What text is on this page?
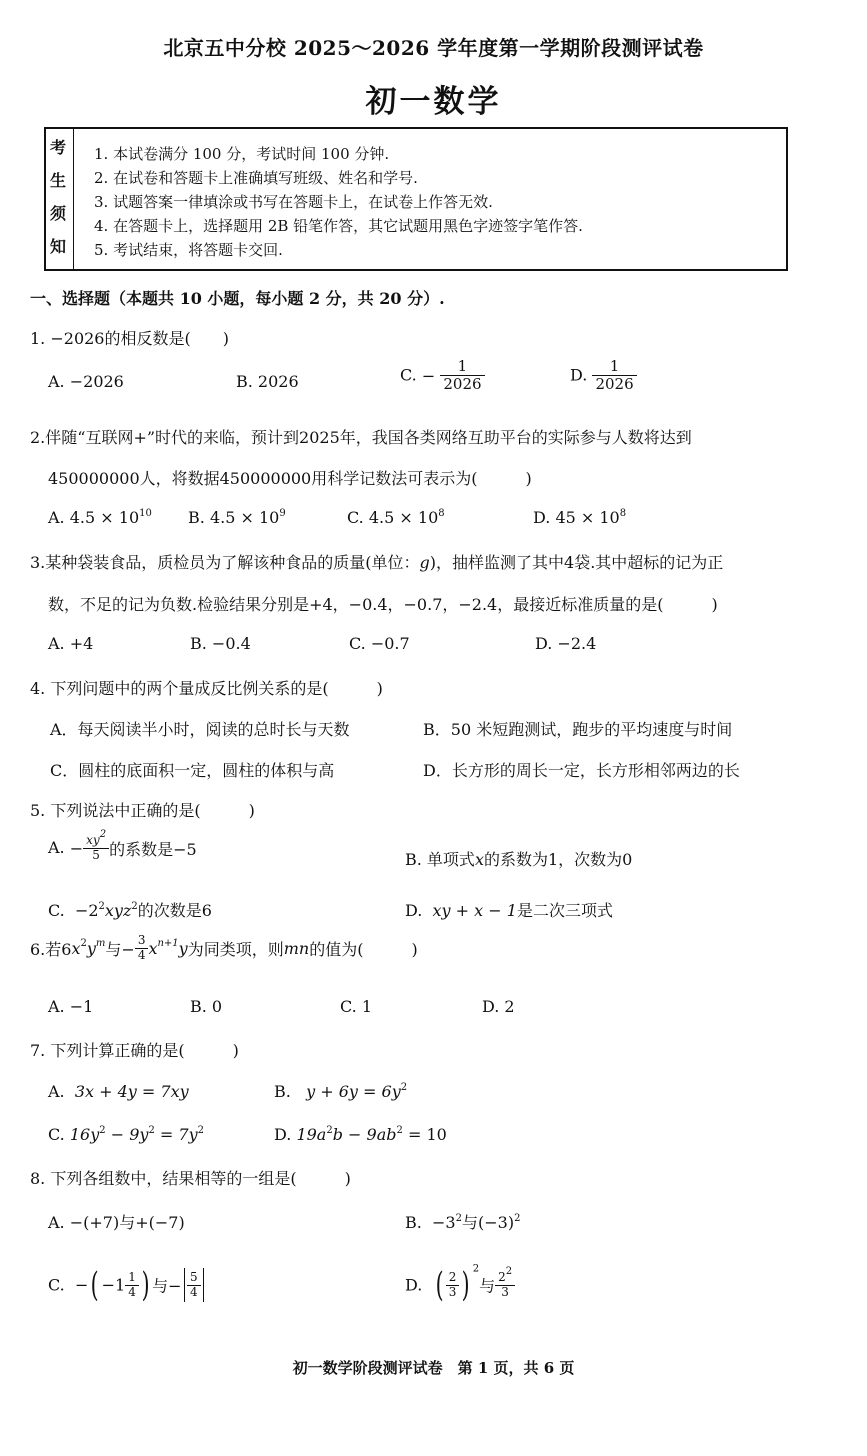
北京五中分校 2025～2026 学年度第一学期阶段测评试卷
初一数学
考
生
须
知
1. 本试卷满分 100 分，考试时间 100 分钟.
2. 在试卷和答题卡上准确填写班级、姓名和学号.
3. 试题答案一律填涂或书写在答题卡上，在试卷上作答无效.
4. 在答题卡上，选择题用 2B 铅笔作答，其它试题用黑色字迹签字笔作答.
5. 考试结束，将答题卡交回.
一、选择题（本题共 10 小题，每小题 2 分，共 20 分）.
1. −2026的相反数是(　　)
A. −2026	B. 2026	C. − $\frac{1}{2026}$	D. $\frac{1}{2026}$
2.伴随“互联网+”时代的来临，预计到2025年，我国各类网络互助平台的实际参与人数将达到
450000000人，将数据450000000用科学记数法可表示为(　　　)
A. $4.5 \times 10^{10}$ B. $4.5 \times 10^9$	C. $4.5 \times 10^8$	D. $45 \times 10^8$
3.某种袋装食品，质检员为了解该种食品的质量(单位：g)，抽样监测了其中4袋.其中超标的记为正
数，不足的记为负数.检验结果分别是+4，−0.4，−0.7，−2.4，最接近标准质量的是(　　　)
A. +4	B. −0.4	C. −0.7	D. −2.4
4. 下列问题中的两个量成反比例关系的是(　　　)
A．每天阅读半小时，阅读的总时长与天数	B．50 米短跑测试，跑步的平均速度与时间
C．圆柱的底面积一定，圆柱的体积与高	D．长方形的周长一定，长方形相邻两边的长
5. 下列说法中正确的是(　　　)
A. − $\frac{xy^2}{5}$ 的系数是−5
B. 单项式x的系数为1，次数为0
C. $-2^2xyz^2$的次数是6	D. xy + x − 1是二次三项式
6.若$6x^2y^m$与− $\frac{3}{4} x^{n+1}y$为同类项，则mn的值为(　　　)
A. −1	B. 0	C. 1	D. 2
7. 下列计算正确的是(　　　)
A. 3x + 4y = 7xy	B. $y + 6y = 6y^2$
C. $16y^2 - 9y^2 = 7y^2$	D. $19a^2b - 9ab^2 = 10$
8. 下列各组数中，结果相等的一组是(　　　)
A. −(+7)与+(−7)	B. $-3^2$与$(-3)^2$
C. −( $-1 \frac{1}{4}$ ) 与− $\frac{5}{4}$	D. ( $\frac{2}{3}$ ) $^2$与 $\frac{2^2}{3}$
初一数学阶段测评试卷　第 1 页，共 6 页
